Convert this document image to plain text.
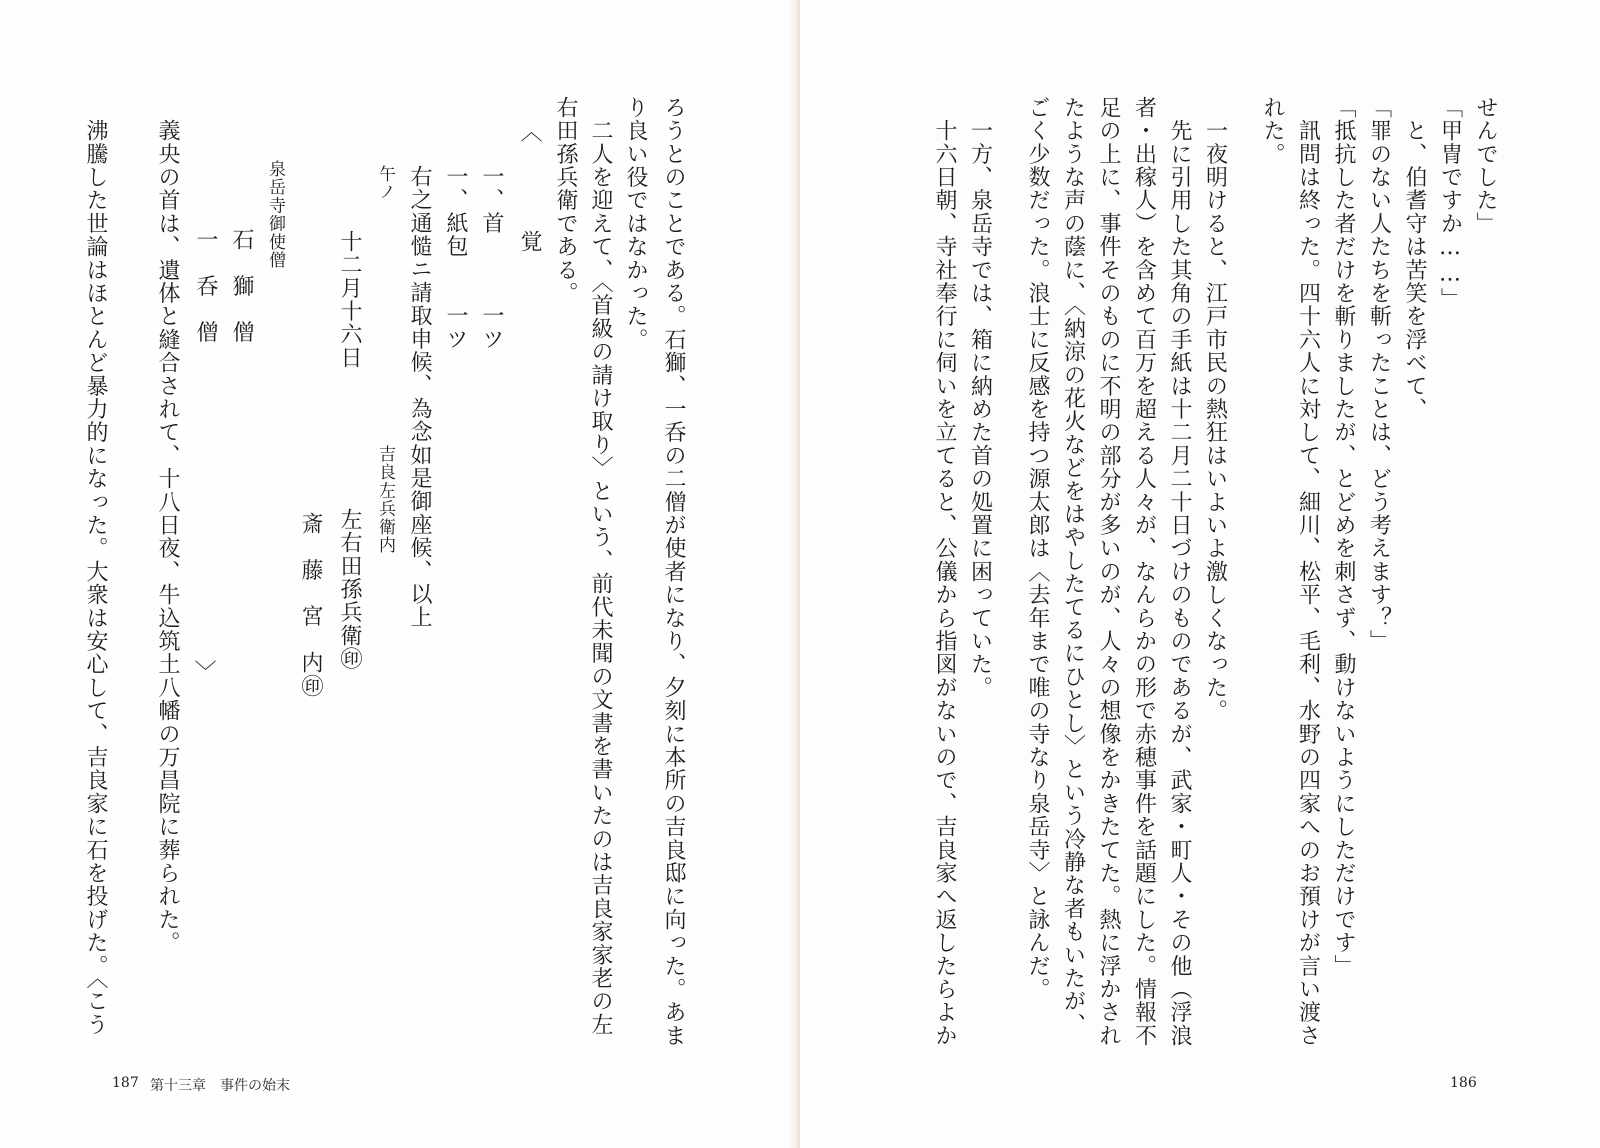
ろうとのことである。石獅、一呑の二僧が使者になり、夕刻に本所の吉良邸に向った。あま
り良い役ではなかった。
　二人を迎えて、〈首級の請け取り〉という、前代未聞の文書を書いたのは吉良家家老の左
右田孫兵衛である。
〈
覚
一、首　　　一ツ
一、紙包　　一ツ
右之通慥ニ請取申候、為念如是御座候、以上
午ノ
吉良左兵衛内
十二月十六日
左右田孫兵衛㊞
斎　藤　宮　内㊞
〉
泉岳寺御使僧
石　獅　僧
一　呑　僧
　義央の首は、遺体と縫合されて、十八日夜、牛込筑土八幡の万昌院に葬られた。
　沸騰した世論はほとんど暴力的になった。大衆は安心して、吉良家に石を投げた。〈こう
187 第十三章　事件の始末
せんでした」
「甲冑ですか……」
　と、伯耆守は苦笑を浮べて、
「罪のない人たちを斬ったことは、どう考えます？」
「抵抗した者だけを斬りましたが、とどめを刺さず、動けないようにしただけです」
　訊問は終った。四十六人に対して、細川、松平、毛利、水野の四家へのお預けが言い渡さ
れた。
　一夜明けると、江戸市民の熱狂はいよいよ激しくなった。
　先に引用した其角の手紙は十二月二十日づけのものであるが、武家・町人・その他（浮浪
者・出稼人）を含めて百万を超える人々が、なんらかの形で赤穂事件を話題にした。情報不
足の上に、事件そのものに不明の部分が多いのが、人々の想像をかきたてた。熱に浮かされ
たような声の蔭に、〈納涼の花火などをはやしたてるにひとし〉という冷静な者もいたが、
ごく少数だった。浪士に反感を持つ源太郎は〈去年まで唯の寺なり泉岳寺〉と詠んだ。
　一方、泉岳寺では、箱に納めた首の処置に困っていた。
　十六日朝、寺社奉行に伺いを立てると、公儀から指図がないので、吉良家へ返したらよか
186
